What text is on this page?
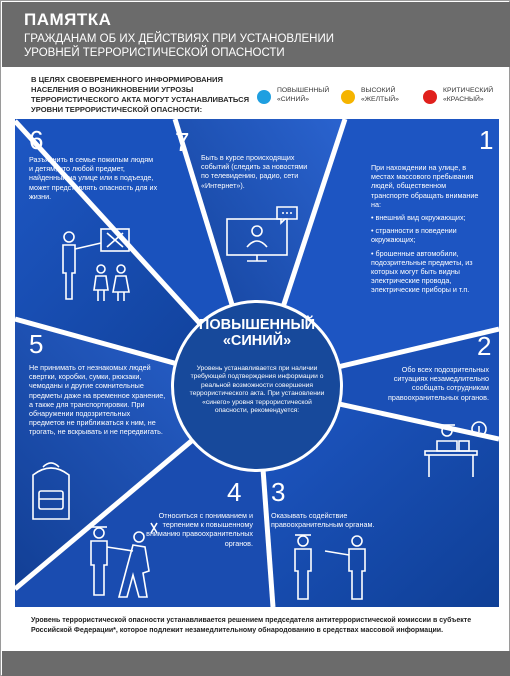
ПАМЯТКА
ГРАЖДАНАМ ОБ ИХ ДЕЙСТВИЯХ ПРИ УСТАНОВЛЕНИИ УРОВНЕЙ ТЕРРОРИСТИЧЕСКОЙ ОПАСНОСТИ
В ЦЕЛЯХ СВОЕВРЕМЕННОГО ИНФОРМИРОВАНИЯ НАСЕЛЕНИЯ О ВОЗНИКНОВЕНИИ УГРОЗЫ ТЕРРОРИСТИЧЕСКОГО АКТА МОГУТ УСТАНАВЛИВАТЬСЯ УРОВНИ ТЕРРОРИСТИЧЕСКОЙ ОПАСНОСТИ:
ПОВЫШЕННЫЙ «СИНИЙ»
ВЫСОКИЙ «ЖЕЛТЫЙ»
КРИТИЧЕСКИЙ «КРАСНЫЙ»
6
Разъяснить в семье пожилым людям и детям, что любой предмет, найденный на улице или в подъезде, может представлять опасность для их жизни.
7
Быть в курсе происходящих событий (следить за новостями по телевидению, радио, сети «Интернет»).
1
При нахождении на улице, в местах массового пребывания людей, общественном транспорте обращать внимание на:
• внешний вид окружающих;
• странности в поведении окружающих;
• брошенные автомобили, подозрительные предметы, из которых могут быть видны электрические провода, электрические приборы и т.п.
2
Обо всех подозрительных ситуациях незамедлительно сообщать сотрудникам правоохранительных органов.
3
Оказывать содействие правоохранительным органам.
4
Относиться с пониманием и терпением к повышенному вниманию правоохранительных органов.
5
Не принимать от незнакомых людей свертки, коробки, сумки, рюкзаки, чемоданы и другие сомнительные предметы даже на временное хранение, а также для транспортировки. При обнаружении подозрительных предметов не приближаться к ним, не трогать, не вскрывать и не передвигать.
ПОВЫШЕННЫЙ «СИНИЙ»
Уровень устанавливается при наличии требующей подтверждения информации о реальной возможности совершения террористического акта. При установлении «синего» уровня террористической опасности, рекомендуется:
Уровень террористической опасности устанавливается решением председателя антитеррористической комиссии в субъекте Российской Федерации*, которое подлежит незамедлительному обнародованию в средствах массовой информации.
